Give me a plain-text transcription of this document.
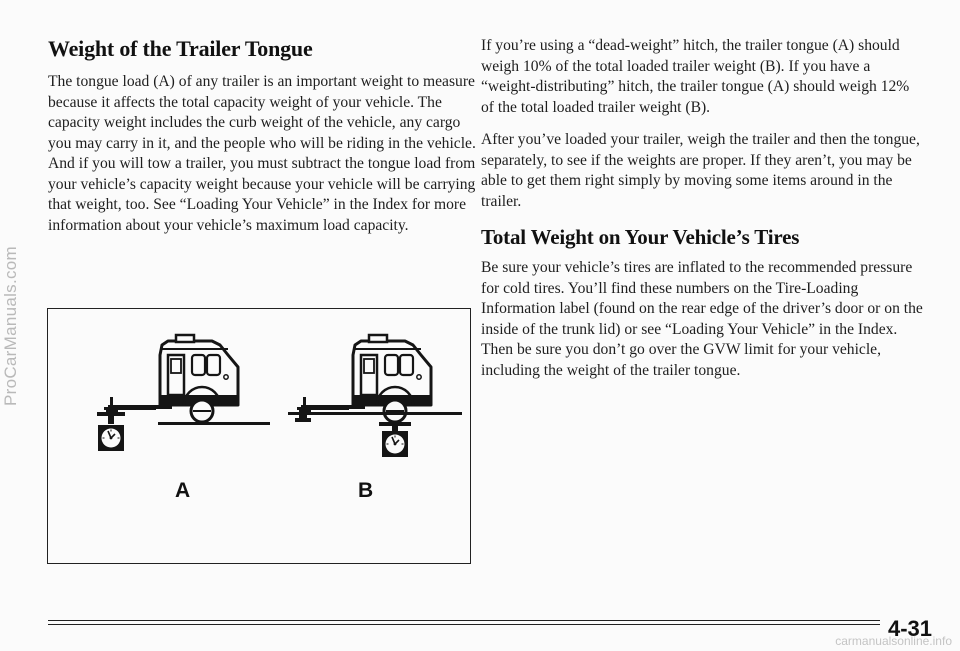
ProCarManuals.com
Weight of the Trailer Tongue

The tongue load (A) of any trailer is an important weight to measure because it affects the total capacity weight of your vehicle. The capacity weight includes the curb weight of the vehicle, any cargo you may carry in it, and the people who will be riding in the vehicle. And if you will tow a trailer, you must subtract the tongue load from your vehicle’s capacity weight because your vehicle will be carrying that weight, too. See “Loading Your Vehicle” in the Index for more information about your vehicle’s maximum load capacity.

A	B

If you’re using a “dead-weight” hitch, the trailer tongue (A) should weigh 10% of the total loaded trailer weight (B). If you have a “weight-distributing” hitch, the trailer tongue (A) should weigh 12% of the total loaded trailer weight (B).

After you’ve loaded your trailer, weigh the trailer and then the tongue, separately, to see if the weights are proper. If they aren’t, you may be able to get them right simply by moving some items around in the trailer.

Total Weight on Your Vehicle’s Tires

Be sure your vehicle’s tires are inflated to the recommended pressure for cold tires. You’ll find these numbers on the Tire-Loading Information label (found on the rear edge of the driver’s door or on the inside of the trunk lid) or see “Loading Your Vehicle” in the Index. Then be sure you don’t go over the GVW limit for your vehicle, including the weight of the trailer tongue.

4-31
carmanualsonline.info
